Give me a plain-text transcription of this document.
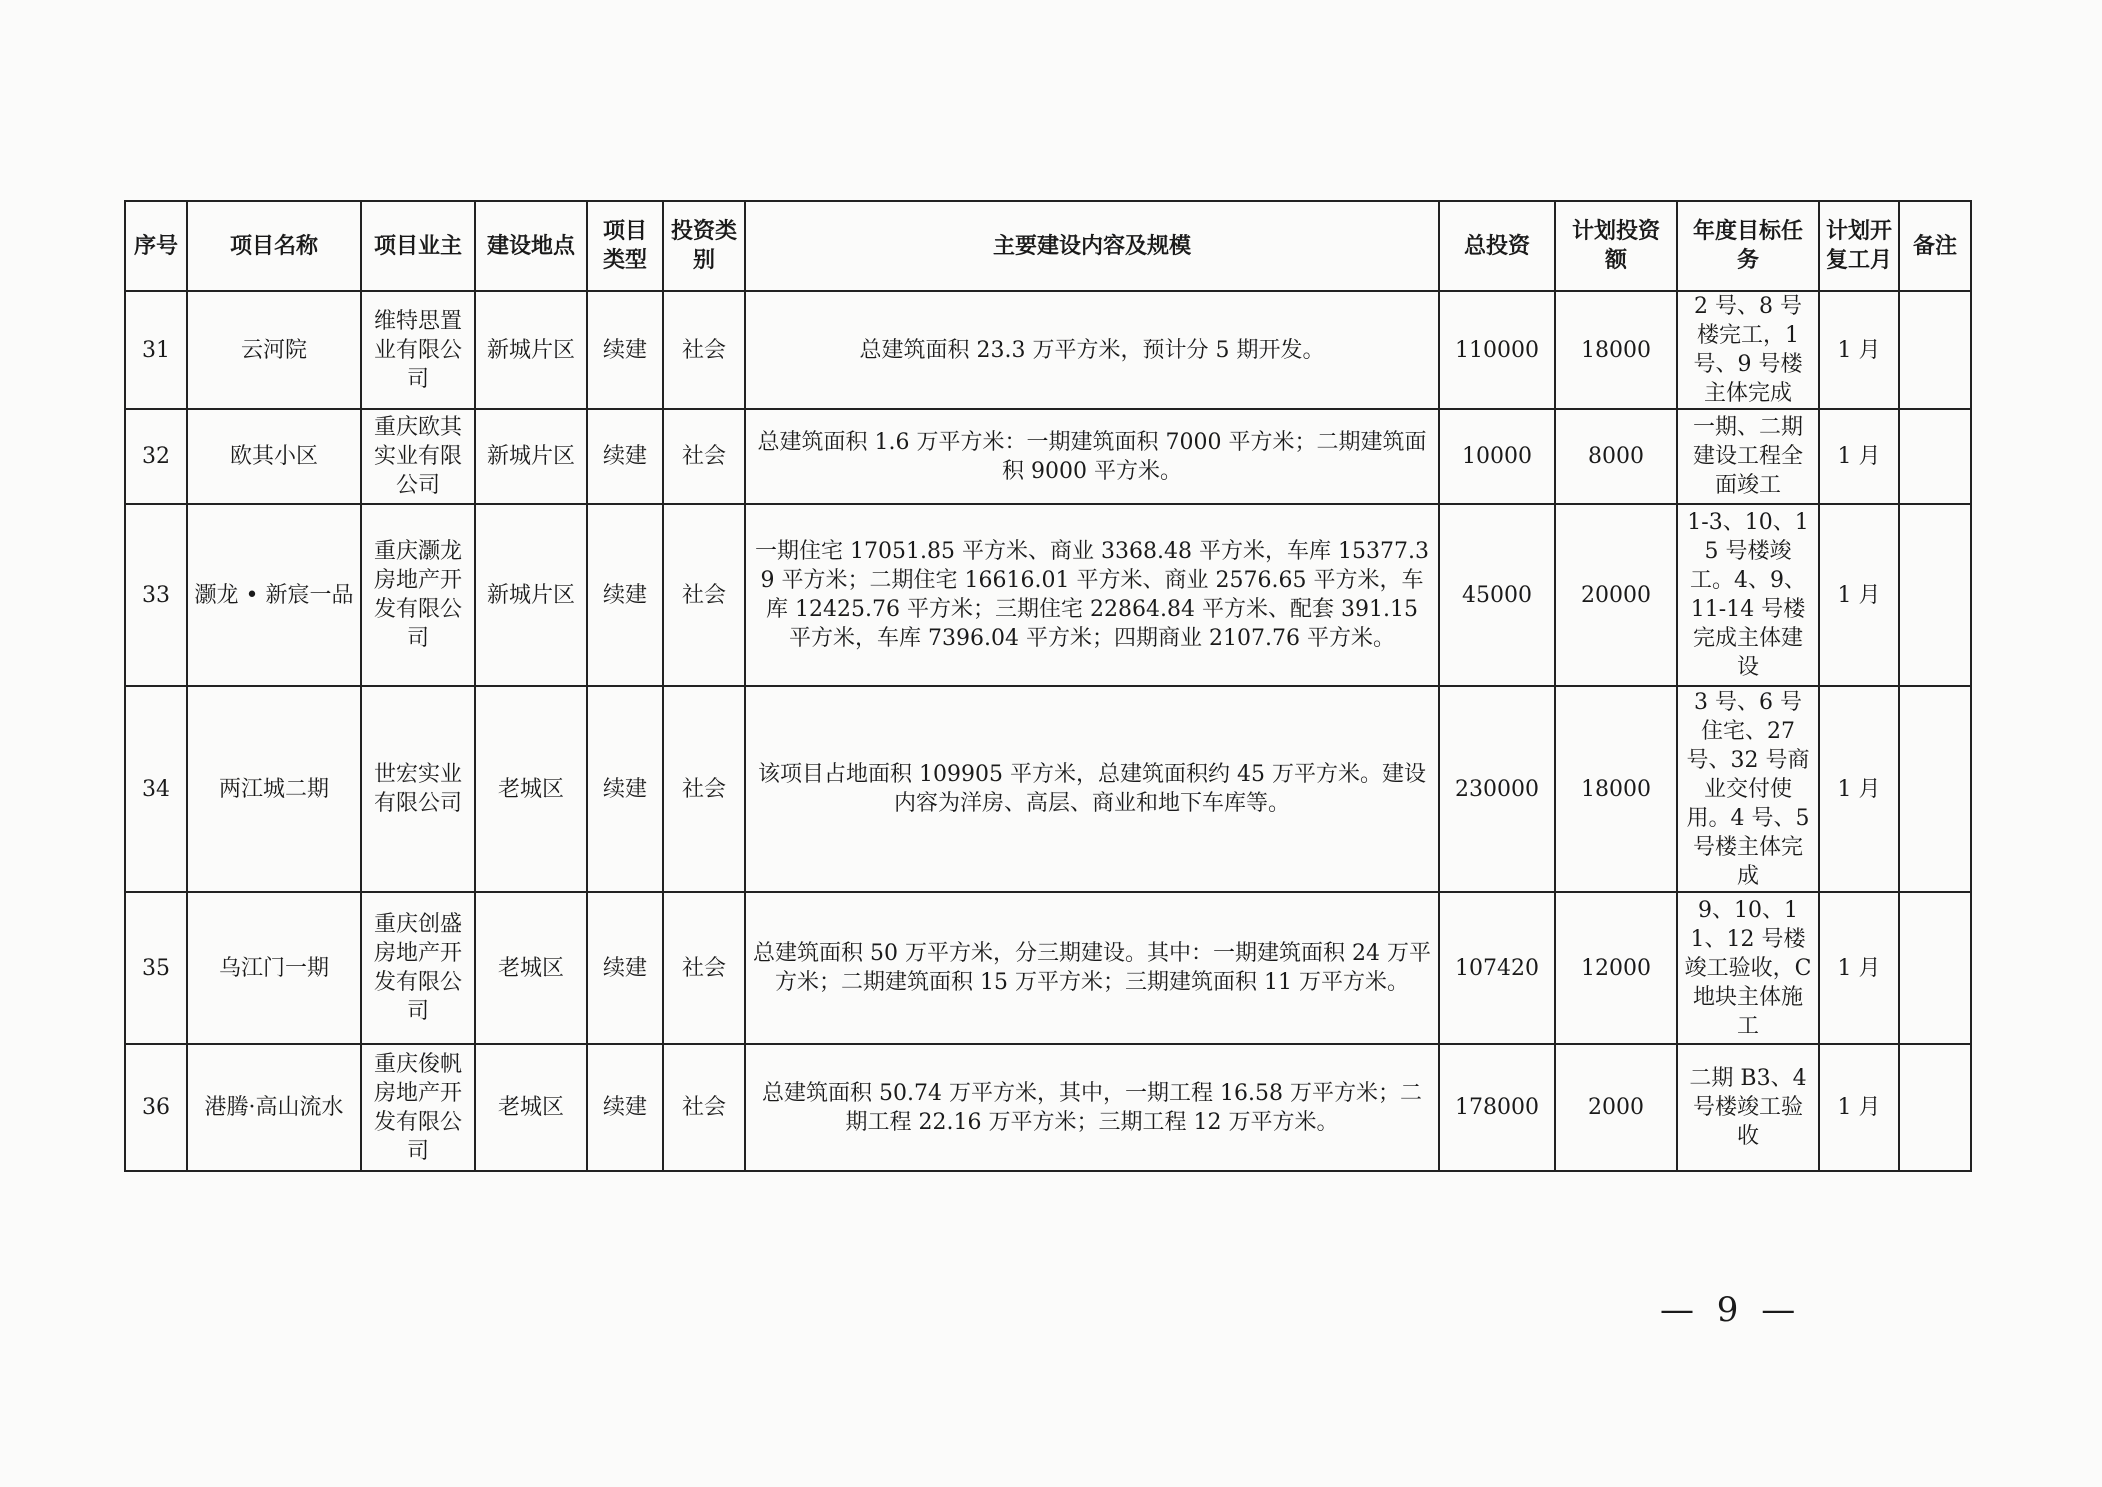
序号	项目名称	项目业主	建设地点	项目类型	投资类别	主要建设内容及规模	总投资	计划投资额	年度目标任务	计划开复工月	备注
31	云河院	维特思置业有限公司	新城片区	续建	社会	总建筑面积 23.3 万平方米，预计分 5 期开发。	110000	18000	2 号、8 号楼完工，1 号、9 号楼主体完成	1 月	
32	欧其小区	重庆欧其实业有限公司	新城片区	续建	社会	总建筑面积 1.6 万平方米：一期建筑面积 7000 平方米；二期建筑面积 9000 平方米。	10000	8000	一期、二期建设工程全面竣工	1 月	
33	灏龙 • 新宸一品	重庆灏龙房地产开发有限公司	新城片区	续建	社会	一期住宅 17051.85 平方米、商业 3368.48 平方米，车库 15377.39 平方米；二期住宅 16616.01 平方米、商业 2576.65 平方米，车库 12425.76 平方米；三期住宅 22864.84 平方米、配套 391.15 平方米，车库 7396.04 平方米；四期商业 2107.76 平方米。	45000	20000	1-3、10、15 号楼竣工。4、9、11-14 号楼完成主体建设	1 月	
34	两江城二期	世宏实业有限公司	老城区	续建	社会	该项目占地面积 109905 平方米，总建筑面积约 45 万平方米。建设内容为洋房、高层、商业和地下车库等。	230000	18000	3 号、6 号住宅、27 号、32 号商业交付使用。4 号、5 号楼主体完成	1 月	
35	乌江门一期	重庆创盛房地产开发有限公司	老城区	续建	社会	总建筑面积 50 万平方米，分三期建设。其中：一期建筑面积 24 万平方米；二期建筑面积 15 万平方米；三期建筑面积 11 万平方米。	107420	12000	9、10、11、12 号楼竣工验收，C 地块主体施工	1 月	
36	港腾·高山流水	重庆俊帆房地产开发有限公司	老城区	续建	社会	总建筑面积 50.74 万平方米，其中，一期工程 16.58 万平方米；二期工程 22.16 万平方米；三期工程 12 万平方米。	178000	2000	二期 B3、4 号楼竣工验收	1 月	
— 9 —
